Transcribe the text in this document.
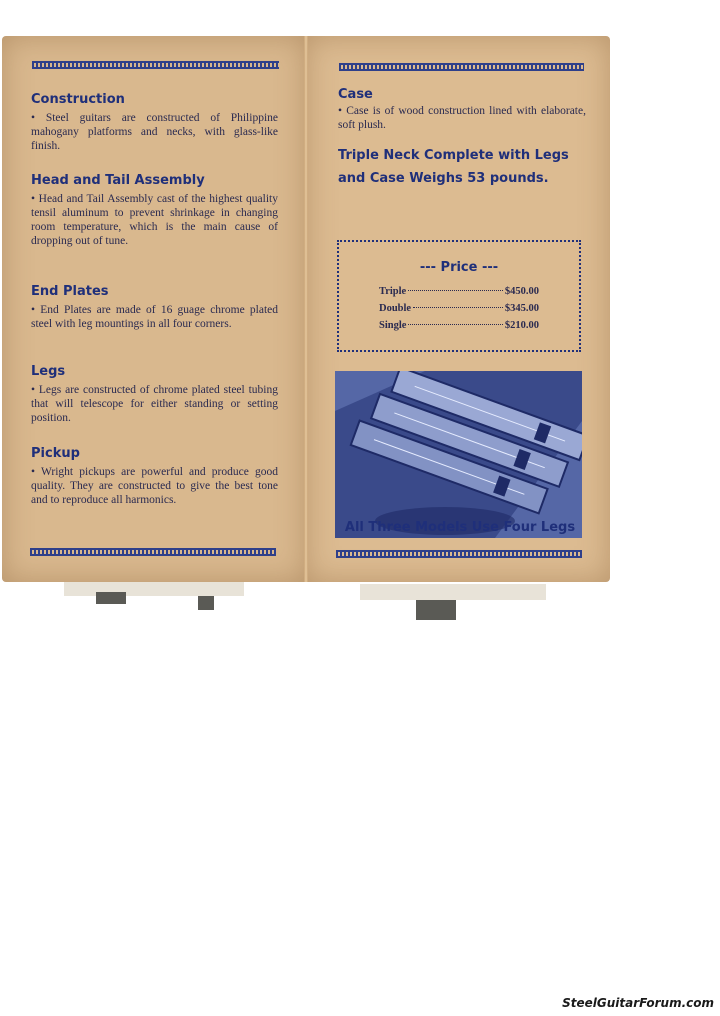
Construction

• Steel guitars are constructed of Philippine mahogany platforms and necks, with glass-like finish.

Head and Tail Assembly

• Head and Tail Assembly cast of the highest quality tensil aluminum to prevent shrinkage in changing room temperature, which is the main cause of dropping out of tune.

End Plates

• End Plates are made of 16 guage chrome plated steel with leg mountings in all four corners.

Legs

• Legs are constructed of chrome plated steel tubing that will telescope for either standing or setting position.

Pickup

• Wright pickups are powerful and produce good quality. They are constructed to give the best tone and to reproduce all harmonics.

Case

• Case is of wood construction lined with elaborate, soft plush.

Triple Neck Complete with Legs

and Case Weighs 53 pounds.

--- Price ---
Triple	$450.00
Double	$345.00
Single	$210.00

All Three Models Use Four Legs

SteelGuitarForum.com
